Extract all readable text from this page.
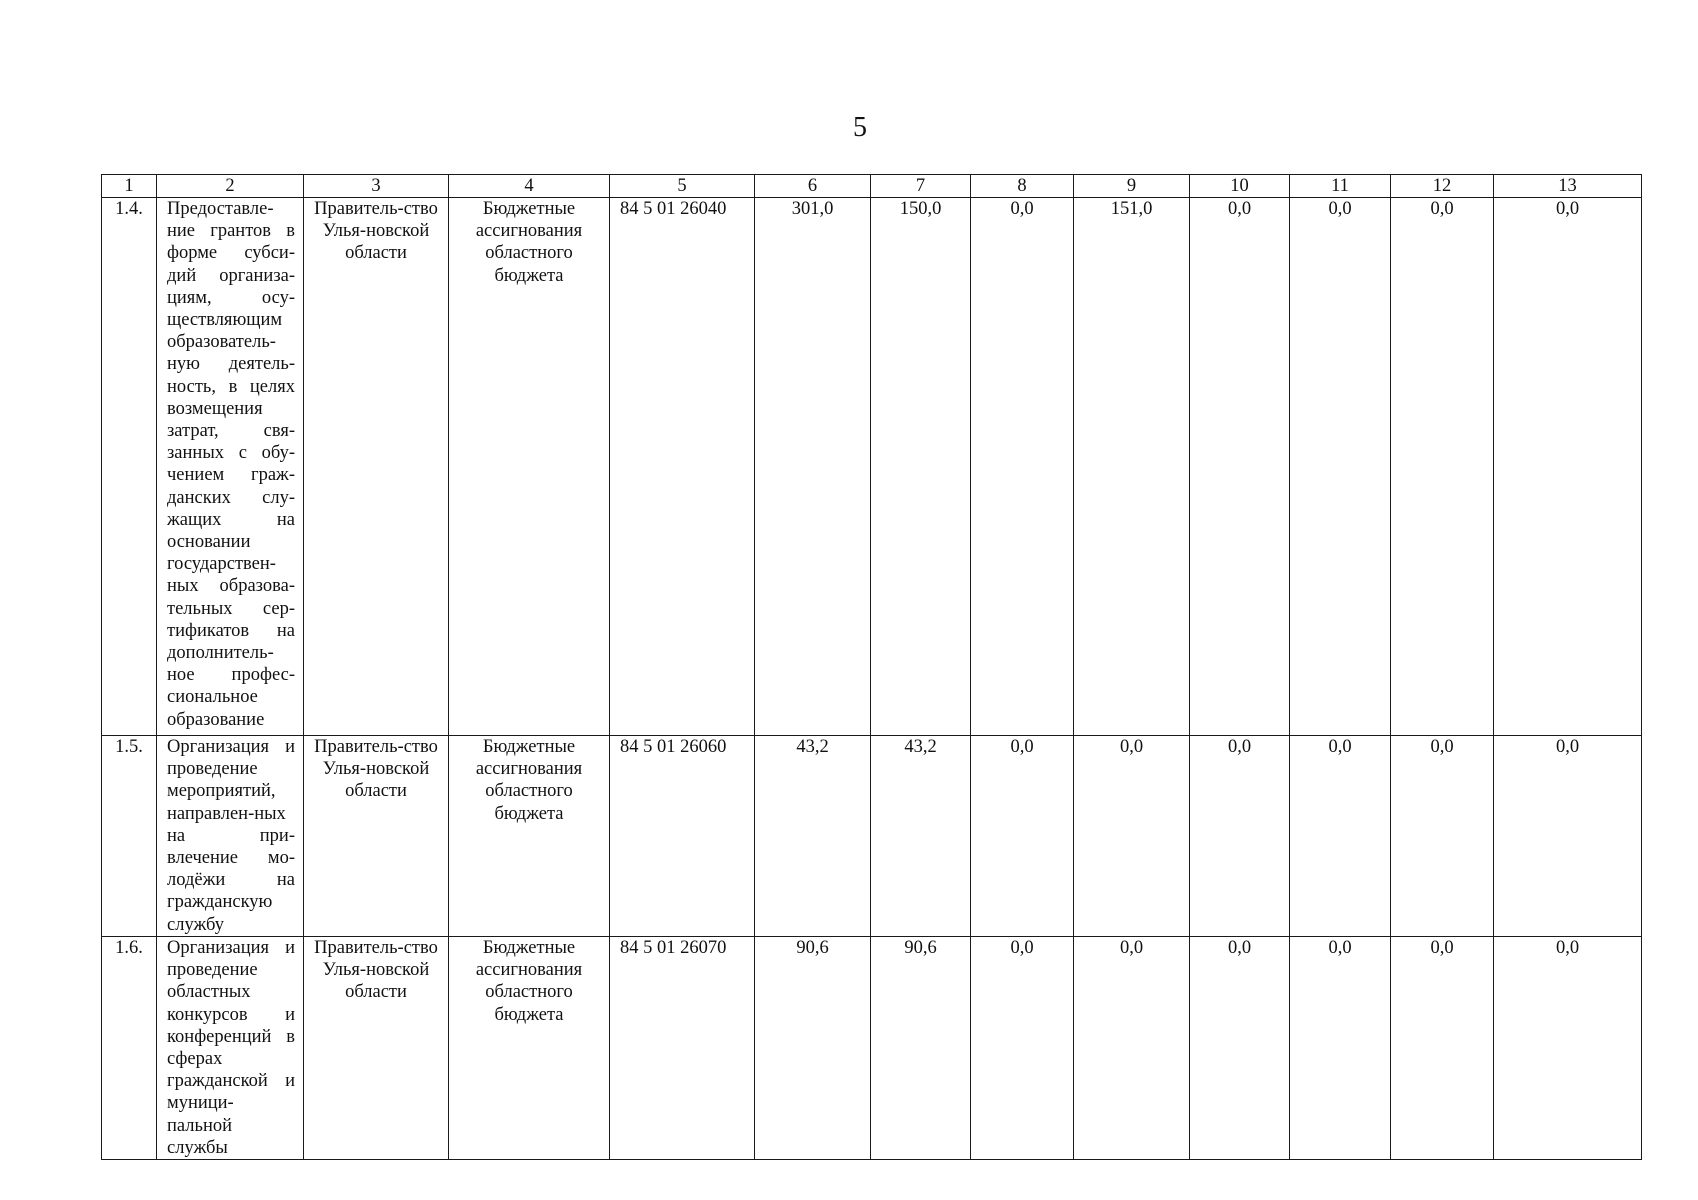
5
1	2	3	4	5	6	7	8	9	10	11	12	13
1.4.	Предоставле-ние грантов в форме субси-дий организа-циям, осу-ществляющим образователь-ную деятель-ность, в целях возмещения затрат, свя-занных с обу-чением граж-данских слу-жащих на основании государствен-ных образова-тельных сер-тификатов на дополнитель-ное профес-сиональное образование	Правитель-ство Улья-новской области	Бюджетные ассигнования областного бюджета	84 5 01 26040	301,0	150,0	0,0	151,0	0,0	0,0	0,0	0,0
1.5.	Организация и проведение мероприятий, направлен-ных на при-влечение мо-лодёжи на гражданскую службу	Правитель-ство Улья-новской области	Бюджетные ассигнования областного бюджета	84 5 01 26060	43,2	43,2	0,0	0,0	0,0	0,0	0,0	0,0
1.6.	Организация и проведение областных конкурсов и конференций в сферах гражданской и муници-пальной службы	Правитель-ство Улья-новской области	Бюджетные ассигнования областного бюджета	84 5 01 26070	90,6	90,6	0,0	0,0	0,0	0,0	0,0	0,0
